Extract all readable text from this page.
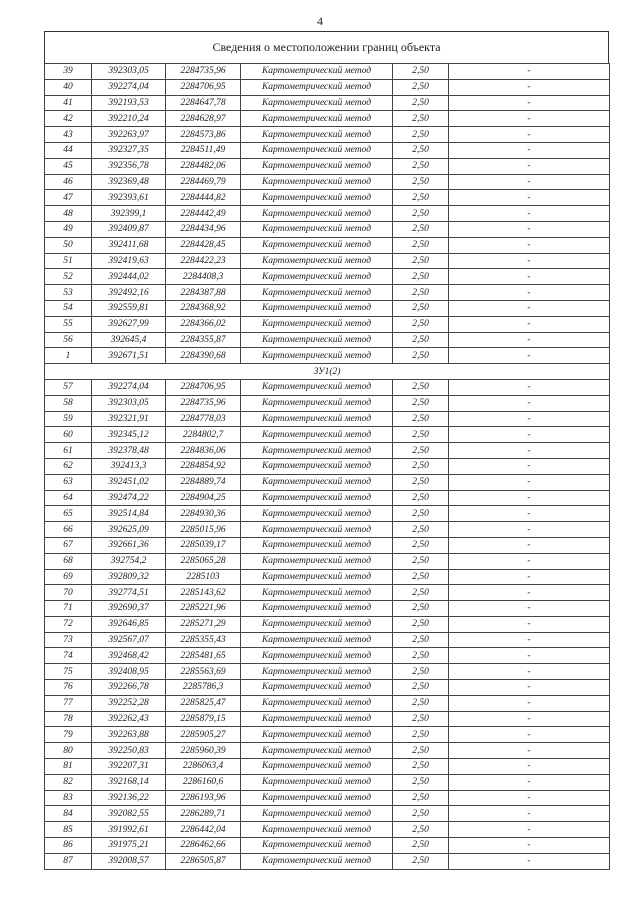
4
Сведения о местоположении границ объекта
39	392303,05	2284735,96	Картометрический метод	2,50	-
40	392274,04	2284706,95	Картометрический метод	2,50	-
41	392193,53	2284647,78	Картометрический метод	2,50	-
42	392210,24	2284628,97	Картометрический метод	2,50	-
43	392263,97	2284573,86	Картометрический метод	2,50	-
44	392327,35	2284511,49	Картометрический метод	2,50	-
45	392356,78	2284482,06	Картометрический метод	2,50	-
46	392369,48	2284469,79	Картометрический метод	2,50	-
47	392393,61	2284444,82	Картометрический метод	2,50	-
48	392399,1	2284442,49	Картометрический метод	2,50	-
49	392409,87	2284434,96	Картометрический метод	2,50	-
50	392411,68	2284428,45	Картометрический метод	2,50	-
51	392419,63	2284422,23	Картометрический метод	2,50	-
52	392444,02	2284408,3	Картометрический метод	2,50	-
53	392492,16	2284387,88	Картометрический метод	2,50	-
54	392559,81	2284368,92	Картометрический метод	2,50	-
55	392627,99	2284366,02	Картометрический метод	2,50	-
56	392645,4	2284355,87	Картометрический метод	2,50	-
1	392671,51	2284390,68	Картометрический метод	2,50	-
ЗУ1(2)					
57	392274,04	2284706,95	Картометрический метод	2,50	-
58	392303,05	2284735,96	Картометрический метод	2,50	-
59	392321,91	2284778,03	Картометрический метод	2,50	-
60	392345,12	2284802,7	Картометрический метод	2,50	-
61	392378,48	2284836,06	Картометрический метод	2,50	-
62	392413,3	2284854,92	Картометрический метод	2,50	-
63	392451,02	2284889,74	Картометрический метод	2,50	-
64	392474,22	2284904,25	Картометрический метод	2,50	-
65	392514,84	2284930,36	Картометрический метод	2,50	-
66	392625,09	2285015,96	Картометрический метод	2,50	-
67	392661,36	2285039,17	Картометрический метод	2,50	-
68	392754,2	2285065,28	Картометрический метод	2,50	-
69	392809,32	2285103	Картометрический метод	2,50	-
70	392774,51	2285143,62	Картометрический метод	2,50	-
71	392690,37	2285221,96	Картометрический метод	2,50	-
72	392646,85	2285271,29	Картометрический метод	2,50	-
73	392567,07	2285355,43	Картометрический метод	2,50	-
74	392468,42	2285481,65	Картометрический метод	2,50	-
75	392408,95	2285563,69	Картометрический метод	2,50	-
76	392266,78	2285786,3	Картометрический метод	2,50	-
77	392252,28	2285825,47	Картометрический метод	2,50	-
78	392262,43	2285879,15	Картометрический метод	2,50	-
79	392263,88	2285905,27	Картометрический метод	2,50	-
80	392250,83	2285960,39	Картометрический метод	2,50	-
81	392207,31	2286063,4	Картометрический метод	2,50	-
82	392168,14	2286160,6	Картометрический метод	2,50	-
83	392136,22	2286193,96	Картометрический метод	2,50	-
84	392082,55	2286289,71	Картометрический метод	2,50	-
85	391992,61	2286442,04	Картометрический метод	2,50	-
86	391975,21	2286462,66	Картометрический метод	2,50	-
87	392008,57	2286505,87	Картометрический метод	2,50	-
